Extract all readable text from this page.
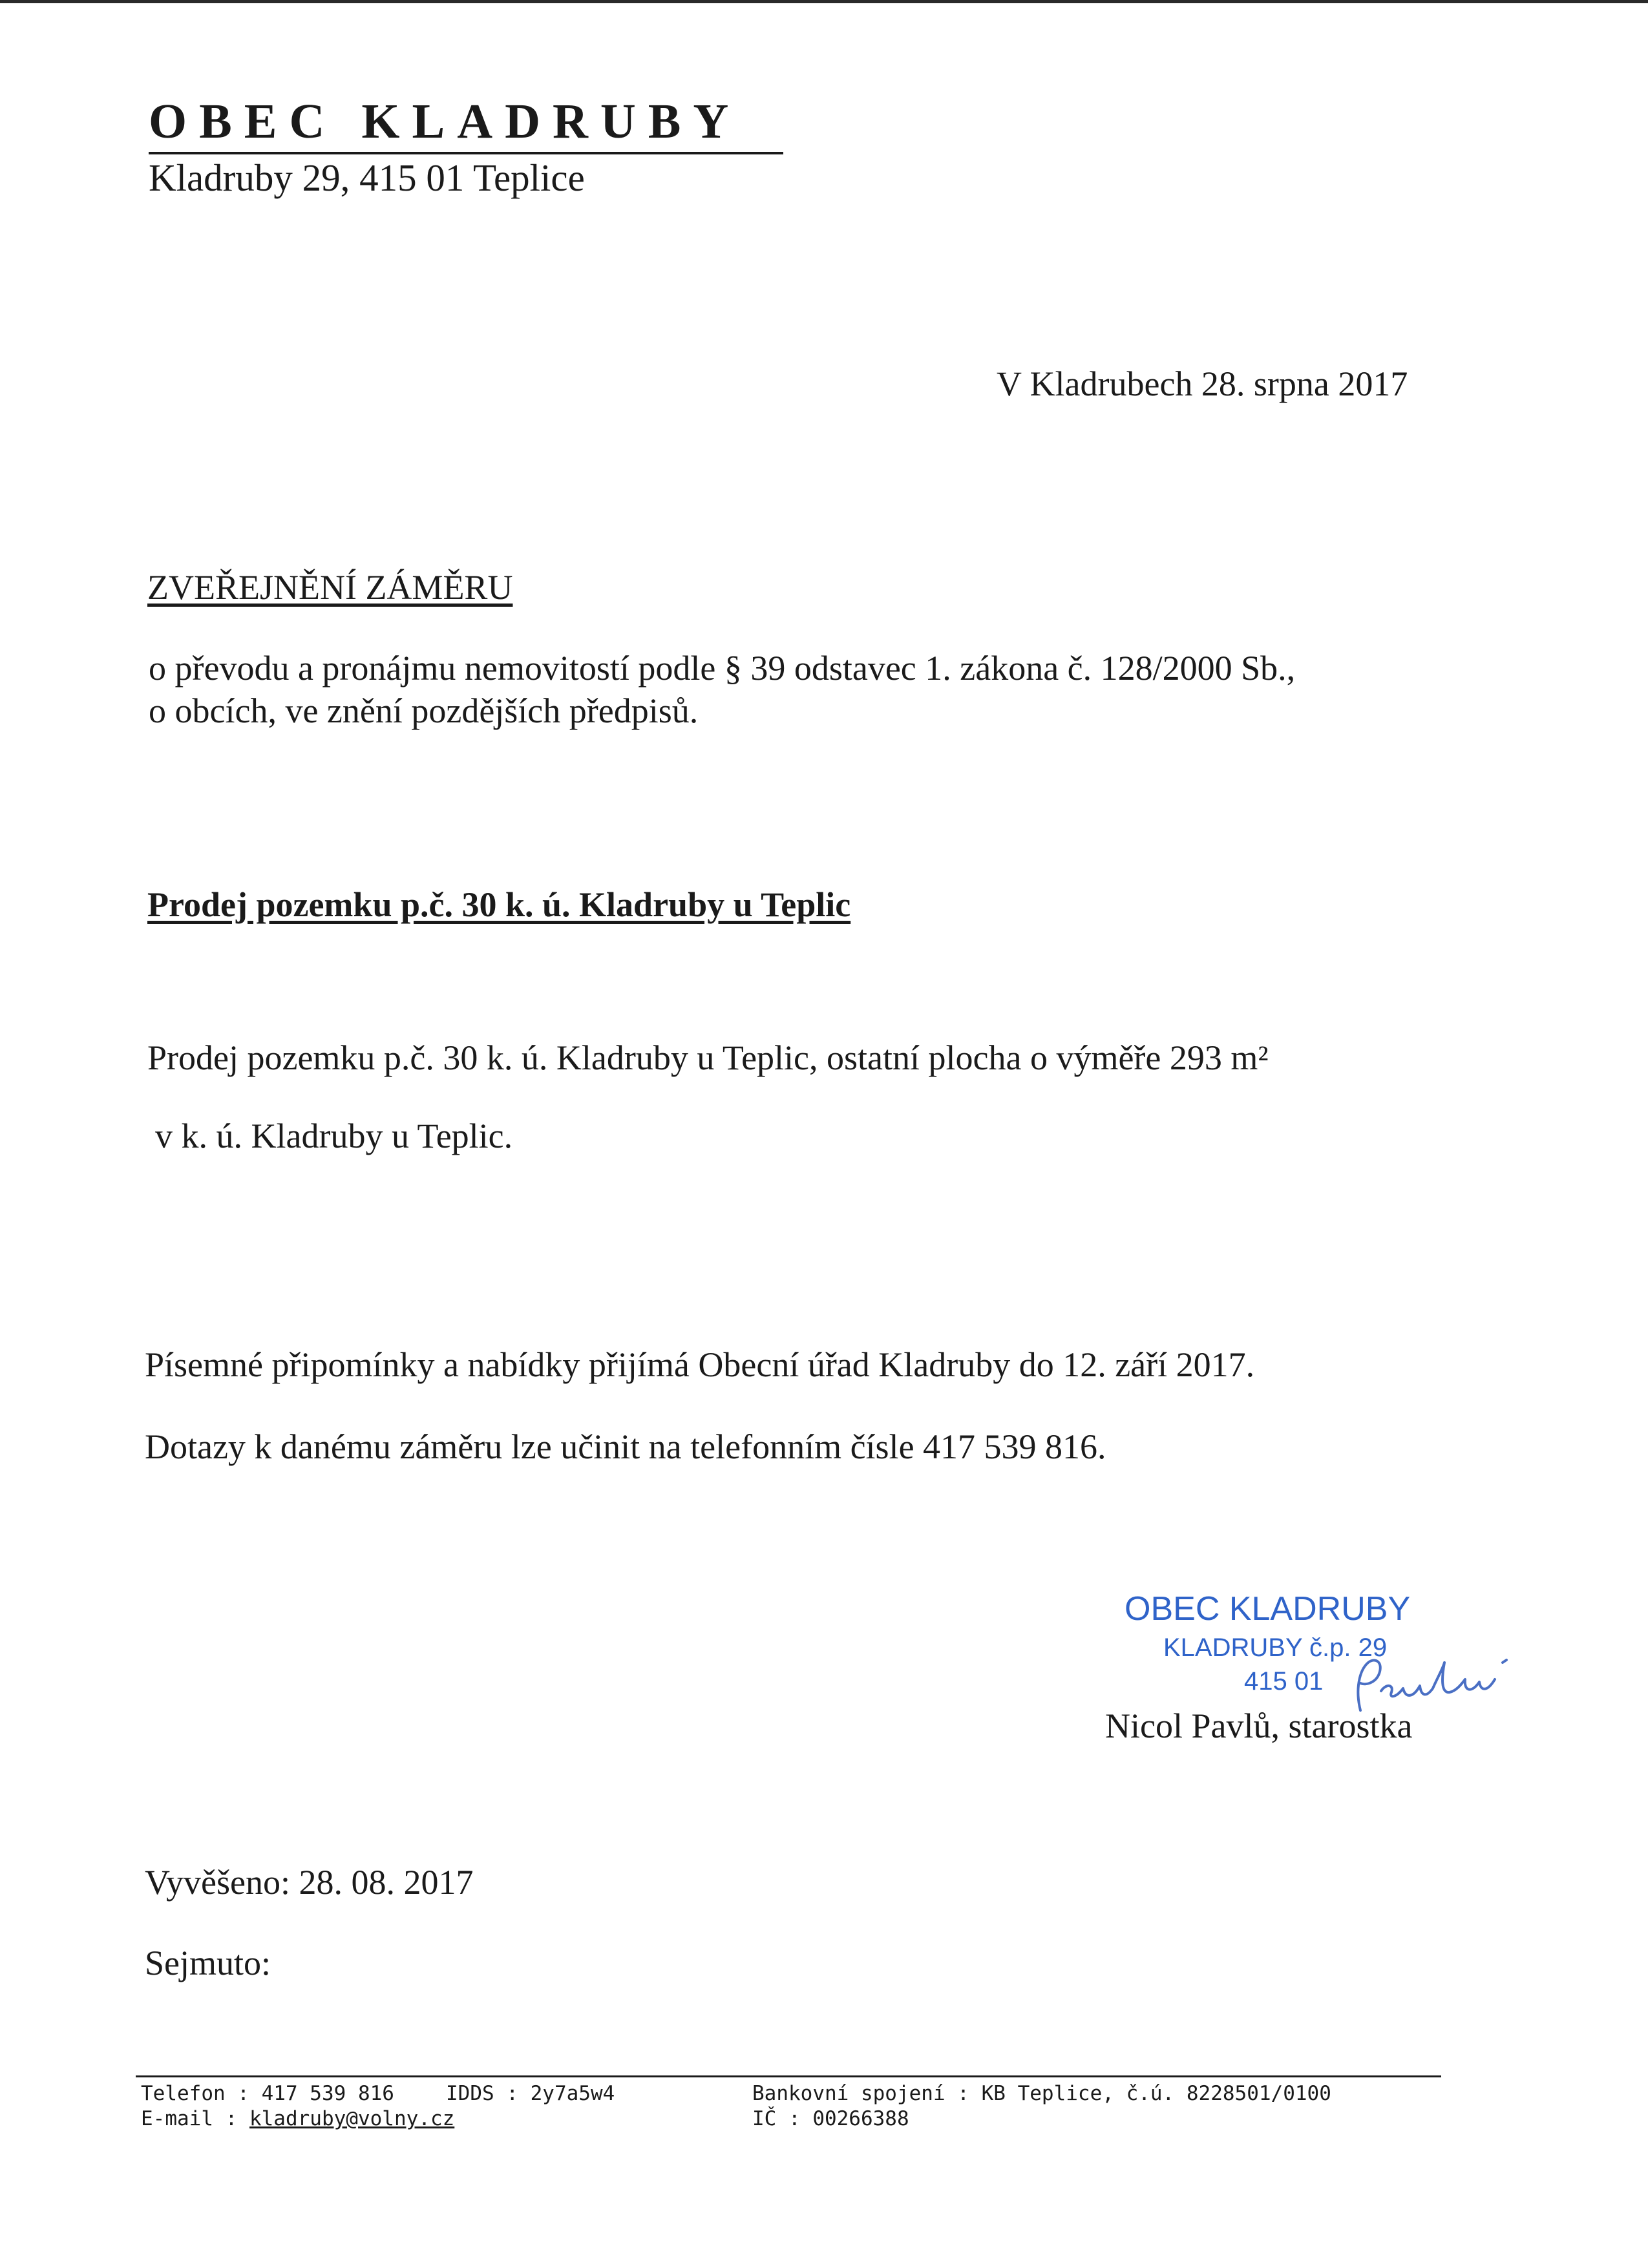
OBEC KLADRUBY
Kladruby 29, 415 01 Teplice
V Kladrubech 28. srpna 2017
ZVEŘEJNĚNÍ ZÁMĚRU
o převodu a pronájmu nemovitostí podle § 39 odstavec 1. zákona č. 128/2000 Sb.,
o obcích, ve znění pozdějších předpisů.
Prodej pozemku p.č. 30 k. ú. Kladruby u Teplic
Prodej pozemku p.č. 30 k. ú. Kladruby u Teplic, ostatní plocha o výměře 293 m²
v k. ú. Kladruby u Teplic.
Písemné připomínky a nabídky přijímá Obecní úřad Kladruby do 12. září 2017.
Dotazy k danému záměru lze učinit na telefonním čísle 417 539 816.
OBEC KLADRUBY
KLADRUBY č.p. 29
415 01
Nicol Pavlů, starostka
Vyvěšeno: 28. 08. 2017
Sejmuto:
Telefon : 417 539 816	IDDS : 2y7a5w4
E-mail : kladruby@volny.cz
Bankovní spojení : KB Teplice, č.ú. 8228501/0100
IČ : 00266388
